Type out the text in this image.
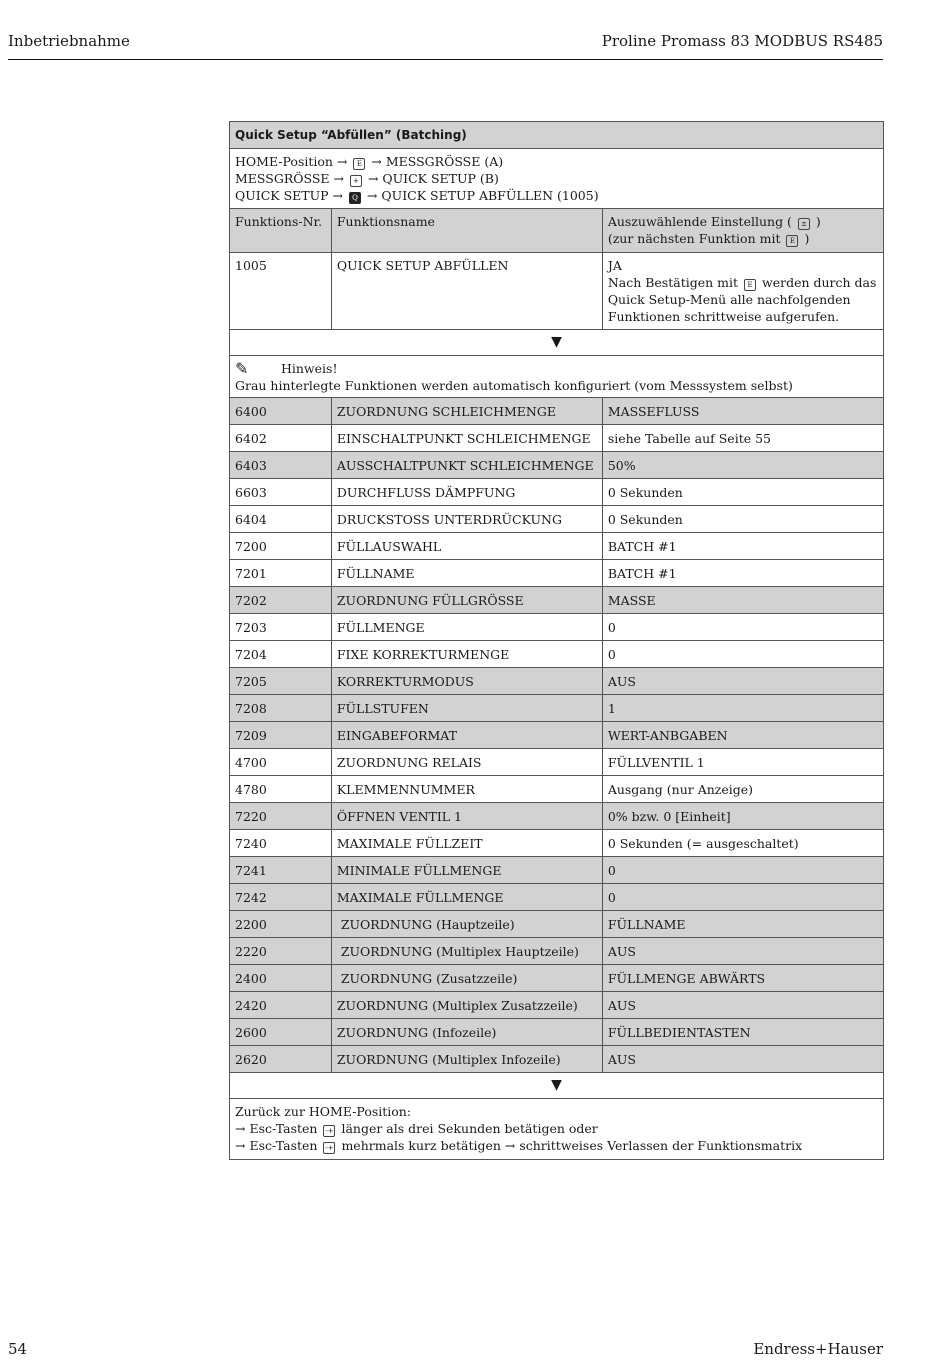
Inbetriebnahme	Proline Promass 83 MODBUS RS485
Quick Setup “Abfüllen” (Batching)		

HOME-Position → E → MESSGRÖSSE (A)
MESSGRÖSSE → + → QUICK SETUP (B)
QUICK SETUP → Q → QUICK SETUP ABFÜLLEN (1005)		

Funktions-Nr.	Funktionsname	Auszuwählende Einstellung ( ± )
(zur nächsten Funktion mit E )

1005	QUICK SETUP ABFÜLLEN	JA
Nach Bestätigen mit E werden durch das Quick Setup-Menü alle nachfolgenden Funktionen schrittweise aufgerufen.

▼		

✎ Hinweis!
Grau hinterlegte Funktionen werden automatisch konfiguriert (vom Messsystem selbst)		

6400	ZUORDNUNG SCHLEICHMENGE	MASSEFLUSS
6402	EINSCHALTPUNKT SCHLEICHMENGE	siehe Tabelle auf Seite 55
6403	AUSSCHALTPUNKT SCHLEICHMENGE	50%
6603	DURCHFLUSS DÄMPFUNG	0 Sekunden
6404	DRUCKSTOSS UNTERDRÜCKUNG	0 Sekunden
7200	FÜLLAUSWAHL	BATCH #1
7201	FÜLLNAME	BATCH #1
7202	ZUORDNUNG FÜLLGRÖSSE	MASSE
7203	FÜLLMENGE	0
7204	FIXE KORREKTURMENGE	0
7205	KORREKTURMODUS	AUS
7208	FÜLLSTUFEN	1
7209	EINGABEFORMAT	WERT-ANBGABEN
4700	ZUORDNUNG RELAIS	FÜLLVENTIL 1
4780	KLEMMENNUMMER	Ausgang (nur Anzeige)
7220	ÖFFNEN VENTIL 1	0% bzw. 0 [Einheit]
7240	MAXIMALE FÜLLZEIT	0 Sekunden (= ausgeschaltet)
7241	MINIMALE FÜLLMENGE	0
7242	MAXIMALE FÜLLMENGE	0
2200	ZUORDNUNG (Hauptzeile)	FÜLLNAME
2220	ZUORDNUNG (Multiplex Hauptzeile)	AUS
2400	ZUORDNUNG (Zusatzzeile)	FÜLLMENGE ABWÄRTS
2420	ZUORDNUNG (Multiplex Zusatzzeile)	AUS
2600	ZUORDNUNG (Infozeile)	FÜLLBEDIENTASTEN
2620	ZUORDNUNG (Multiplex Infozeile)	AUS
▼		

Zurück zur HOME-Position:
→ Esc-Tasten -+ länger als drei Sekunden betätigen oder
→ Esc-Tasten -+ mehrmals kurz betätigen → schrittweises Verlassen der Funktionsmatrix		
54	Endress+Hauser
